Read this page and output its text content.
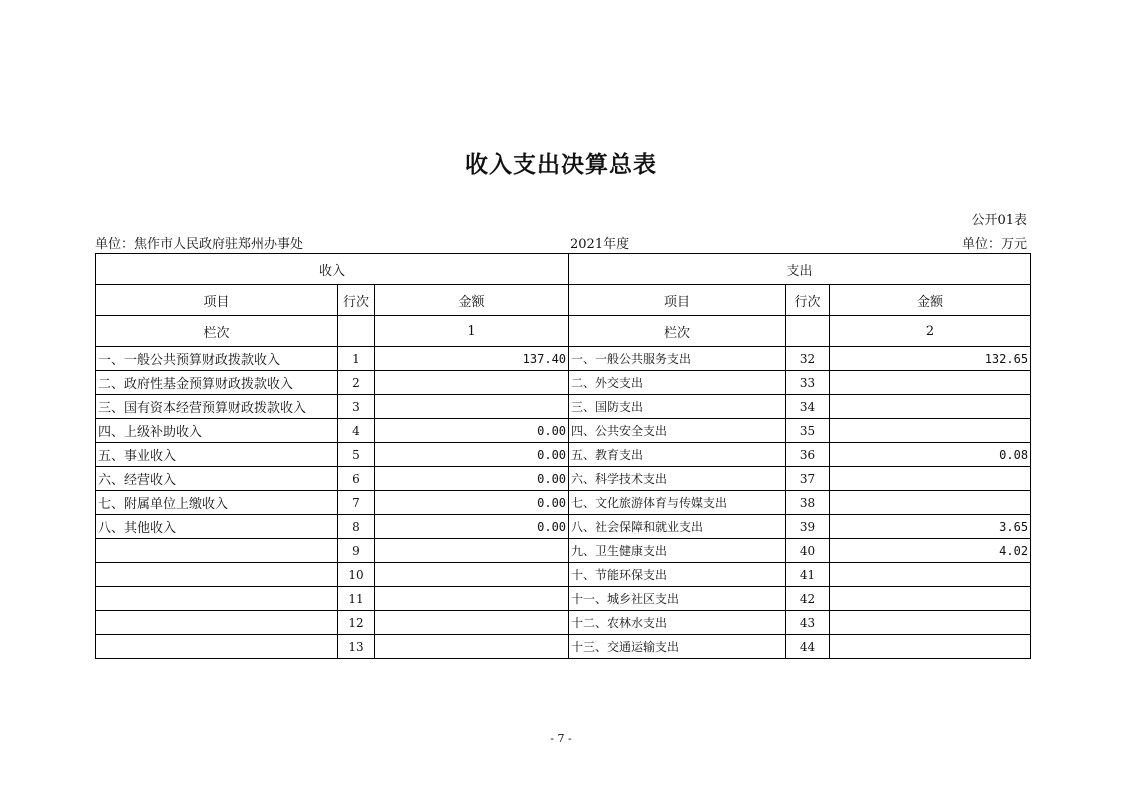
收入支出决算总表
公开01表
单位：焦作市人民政府驻郑州办事处	2021年度	单位：万元
收入			支出		
项目	行次	金额	项目	行次	金额
栏次		1	栏次		2
一、一般公共预算财政拨款收入	1	137.40	一、一般公共服务支出	32	132.65
二、政府性基金预算财政拨款收入	2		二、外交支出	33	
三、国有资本经营预算财政拨款收入	3		三、国防支出	34	
四、上级补助收入	4	0.00	四、公共安全支出	35	
五、事业收入	5	0.00	五、教育支出	36	0.08
六、经营收入	6	0.00	六、科学技术支出	37	
七、附属单位上缴收入	7	0.00	七、文化旅游体育与传媒支出	38	
八、其他收入	8	0.00	八、社会保障和就业支出	39	3.65
	9		九、卫生健康支出	40	4.02
	10		十、节能环保支出	41	
	11		十一、城乡社区支出	42	
	12		十二、农林水支出	43	
	13		十三、交通运输支出	44	
- 7 -
